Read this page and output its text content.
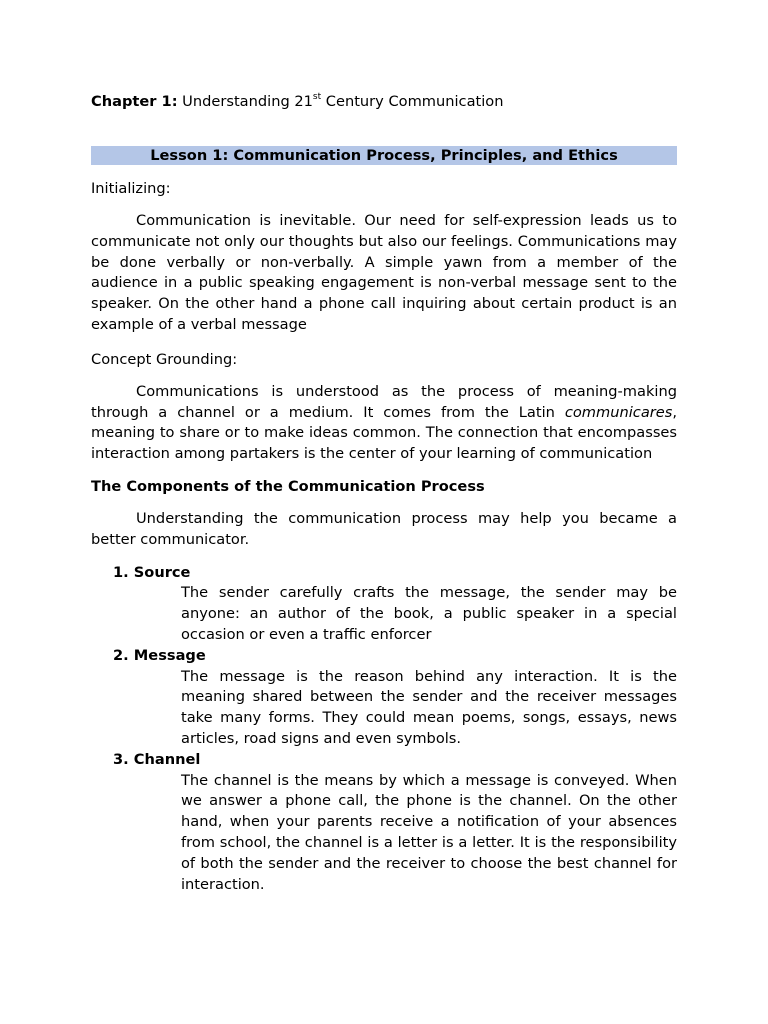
Chapter 1: Understanding 21st Century Communication

Lesson 1: Communication Process, Principles, and Ethics

Initializing:

Communication is inevitable. Our need for self-expression leads us to communicate not only our thoughts but also our feelings. Communications may be done verbally or non-verbally. A simple yawn from a member of the audience in a public speaking engagement is non-verbal message sent to the speaker. On the other hand a phone call inquiring about certain product is an example of a verbal message

Concept Grounding:

Communications is understood as the process of meaning-making through a channel or a medium. It comes from the Latin communicares, meaning to share or to make ideas common. The connection that encompasses interaction among partakers is the center of your learning of communication

The Components of the Communication Process

Understanding the communication process may help you became a better communicator.

1. Source
The sender carefully crafts the message, the sender may be anyone: an author of the book, a public speaker in a special occasion or even a traffic enforcer
2. Message
The message is the reason behind any interaction. It is the meaning shared between the sender and the receiver messages take many forms. They could mean poems, songs, essays, news articles, road signs and even symbols.
3. Channel
The channel is the means by which a message is conveyed. When we answer a phone call, the phone is the channel. On the other hand, when your parents receive a notification of your absences from school, the channel is a letter is a letter. It is the responsibility of both the sender and the receiver to choose the best channel for interaction.
